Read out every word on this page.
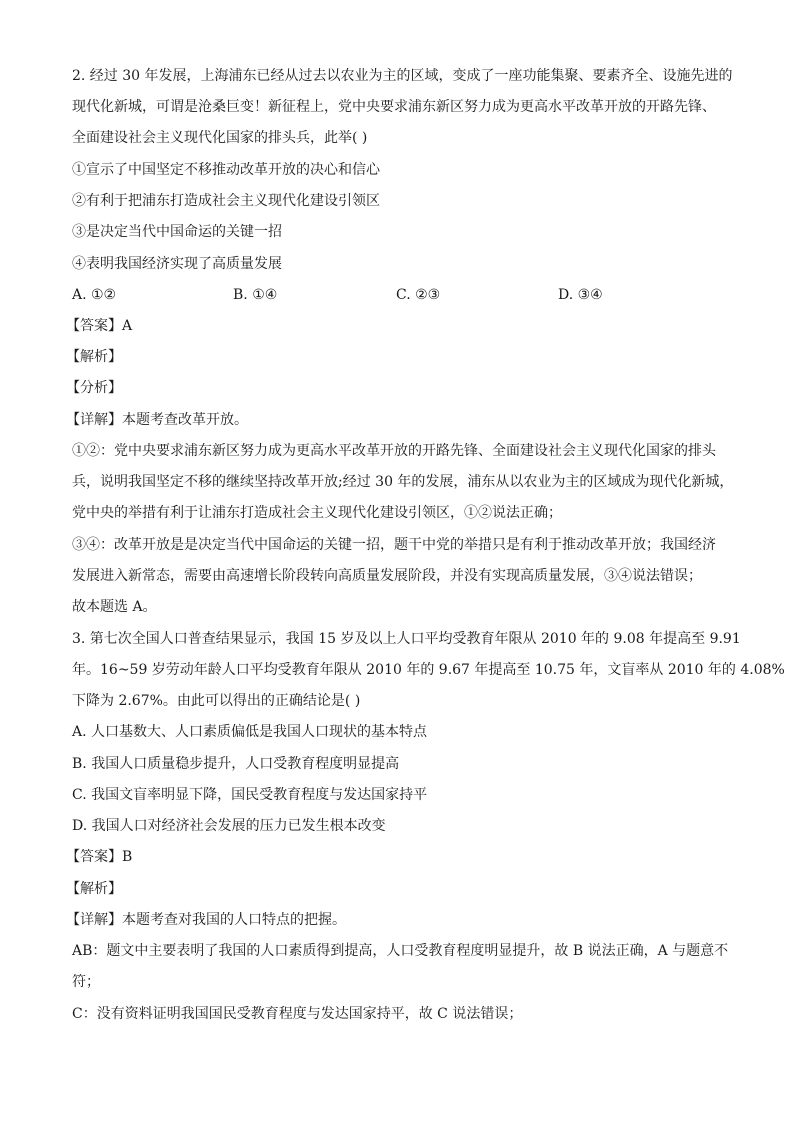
2. 经过 30 年发展，上海浦东已经从过去以农业为主的区域，变成了一座功能集聚、要素齐全、设施先进的
现代化新城，可谓是沧桑巨变！新征程上，党中央要求浦东新区努力成为更高水平改革开放的开路先锋、
全面建设社会主义现代化国家的排头兵，此举( )
①宣示了中国坚定不移推动改革开放的决心和信心
②有利于把浦东打造成社会主义现代化建设引领区
③是决定当代中国命运的关键一招
④表明我国经济实现了高质量发展
A. ①②	B. ①④	C. ②③	D. ③④
【答案】A
【解析】
【分析】
【详解】本题考查改革开放。
①②：党中央要求浦东新区努力成为更高水平改革开放的开路先锋、全面建设社会主义现代化国家的排头
兵，说明我国坚定不移的继续坚持改革开放;经过 30 年的发展，浦东从以农业为主的区域成为现代化新城，
党中央的举措有利于让浦东打造成社会主义现代化建设引领区，①②说法正确；
③④：改革开放是是决定当代中国命运的关键一招，题干中党的举措只是有利于推动改革开放；我国经济
发展进入新常态，需要由高速增长阶段转向高质量发展阶段，并没有实现高质量发展，③④说法错误；
故本题选 A。
3. 第七次全国人口普查结果显示，我国 15 岁及以上人口平均受教育年限从 2010 年的 9.08 年提高至 9.91
年。16~59 岁劳动年龄人口平均受教育年限从 2010 年的 9.67 年提高至 10.75 年，文盲率从 2010 年的 4.08%
下降为 2.67%。由此可以得出的正确结论是( )
A. 人口基数大、人口素质偏低是我国人口现状的基本特点
B. 我国人口质量稳步提升，人口受教育程度明显提高
C. 我国文盲率明显下降，国民受教育程度与发达国家持平
D. 我国人口对经济社会发展的压力已发生根本改变
【答案】B
【解析】
【详解】本题考查对我国的人口特点的把握。
AB：题文中主要表明了我国的人口素质得到提高，人口受教育程度明显提升，故 B 说法正确，A 与题意不
符；
C：没有资料证明我国国民受教育程度与发达国家持平，故 C 说法错误；
